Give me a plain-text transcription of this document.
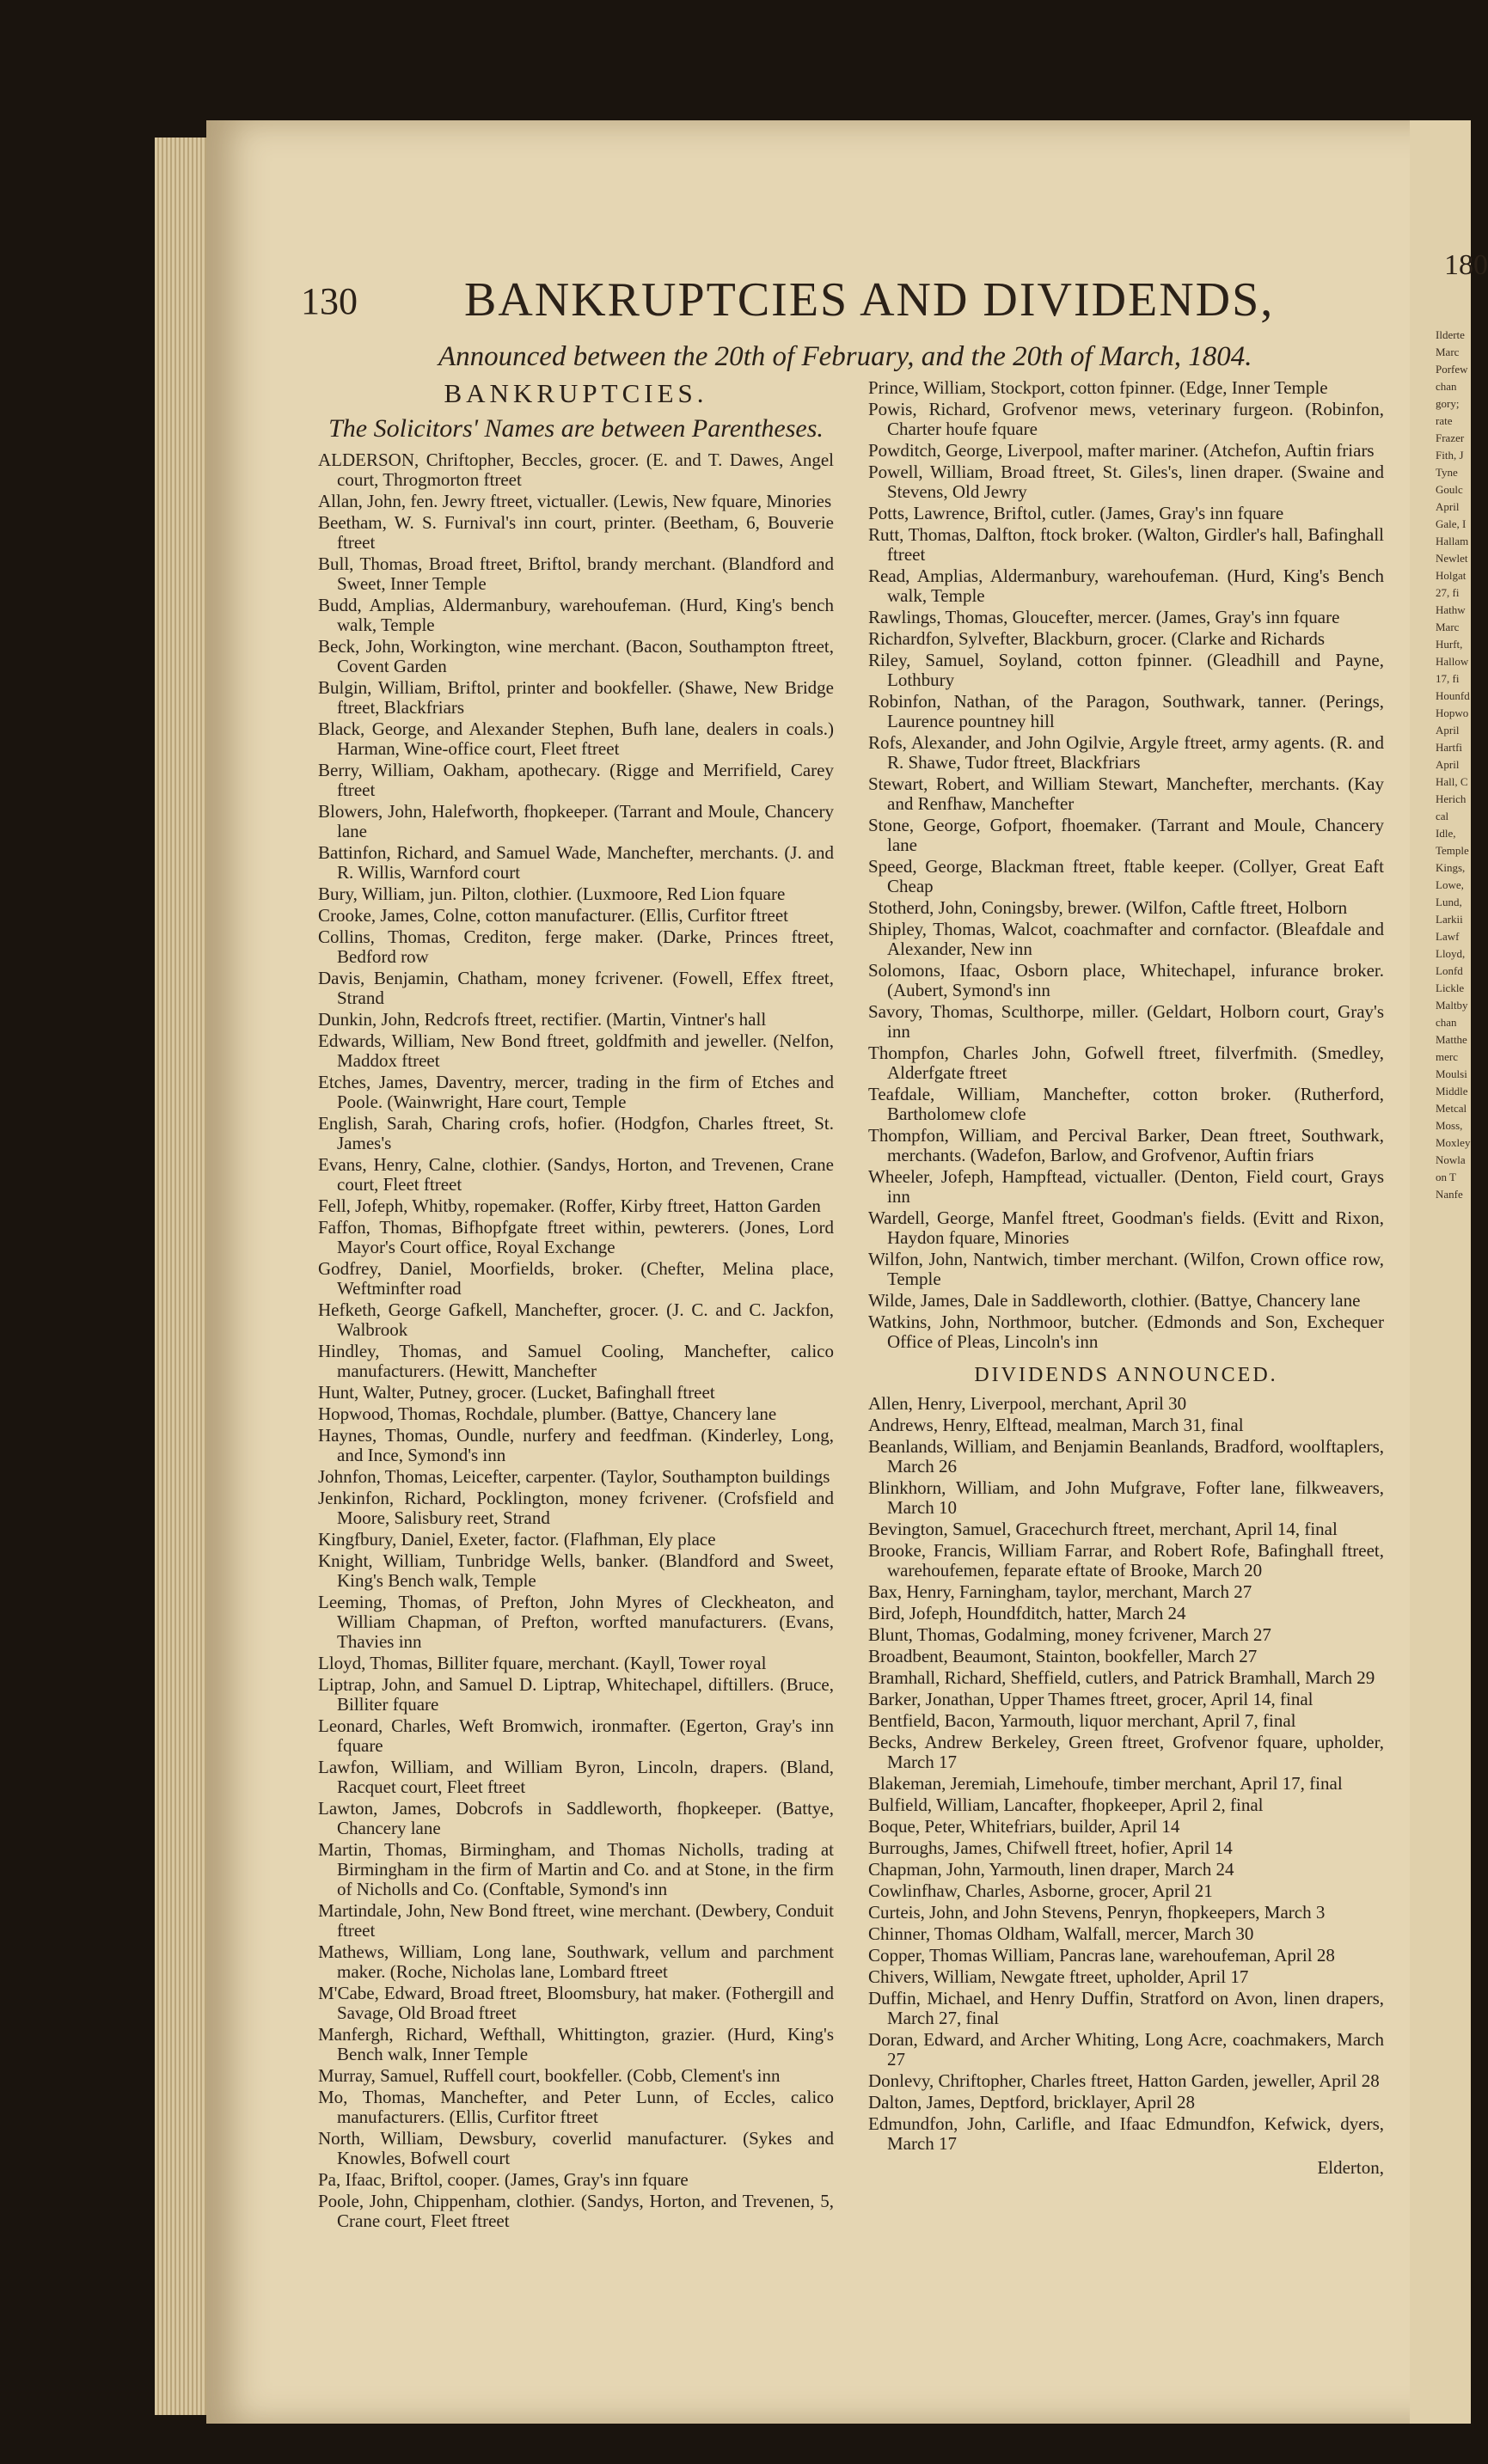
130 BANKRUPTCIES AND DIVIDENDS,
Announced between the 20th of February, and the 20th of March, 1804.
BANKRUPTCIES.

The Solicitors' Names are between Parentheses.

ALDERSON, Chriftopher, Beccles, grocer. (E. and T. Dawes, Angel court, Throgmorton ftreet

Allan, John, fen. Jewry ftreet, victualler. (Lewis, New fquare, Minories

Beetham, W. S. Furnival's inn court, printer. (Beetham, 6, Bouverie ftreet

Bull, Thomas, Broad ftreet, Briftol, brandy merchant. (Blandford and Sweet, Inner Temple

Budd, Amplias, Aldermanbury, warehoufeman. (Hurd, King's bench walk, Temple

Beck, John, Workington, wine merchant. (Bacon, Southampton ftreet, Covent Garden

Bulgin, William, Briftol, printer and bookfeller. (Shawe, New Bridge ftreet, Blackfriars

Black, George, and Alexander Stephen, Bufh lane, dealers in coals.) Harman, Wine-office court, Fleet ftreet

Berry, William, Oakham, apothecary. (Rigge and Merrifield, Carey ftreet

Blowers, John, Halefworth, fhopkeeper. (Tarrant and Moule, Chancery lane

Battinfon, Richard, and Samuel Wade, Manchefter, merchants. (J. and R. Willis, Warnford court

Bury, William, jun. Pilton, clothier. (Luxmoore, Red Lion fquare

Crooke, James, Colne, cotton manufacturer. (Ellis, Curfitor ftreet

Collins, Thomas, Crediton, ferge maker. (Darke, Princes ftreet, Bedford row

Davis, Benjamin, Chatham, money fcrivener. (Fowell, Effex ftreet, Strand

Dunkin, John, Redcrofs ftreet, rectifier. (Martin, Vintner's hall

Edwards, William, New Bond ftreet, goldfmith and jeweller. (Nelfon, Maddox ftreet

Etches, James, Daventry, mercer, trading in the firm of Etches and Poole. (Wainwright, Hare court, Temple

English, Sarah, Charing crofs, hofier. (Hodgfon, Charles ftreet, St. James's

Evans, Henry, Calne, clothier. (Sandys, Horton, and Trevenen, Crane court, Fleet ftreet

Fell, Jofeph, Whitby, ropemaker. (Roffer, Kirby ftreet, Hatton Garden

Faffon, Thomas, Bifhopfgate ftreet within, pewterers. (Jones, Lord Mayor's Court office, Royal Exchange

Godfrey, Daniel, Moorfields, broker. (Chefter, Melina place, Weftminfter road

Hefketh, George Gafkell, Manchefter, grocer. (J. C. and C. Jackfon, Walbrook

Hindley, Thomas, and Samuel Cooling, Manchefter, calico manufacturers. (Hewitt, Manchefter

Hunt, Walter, Putney, grocer. (Lucket, Bafinghall ftreet

Hopwood, Thomas, Rochdale, plumber. (Battye, Chancery lane

Haynes, Thomas, Oundle, nurfery and feedfman. (Kinderley, Long, and Ince, Symond's inn

Johnfon, Thomas, Leicefter, carpenter. (Taylor, Southampton buildings

Jenkinfon, Richard, Pocklington, money fcrivener. (Crofsfield and Moore, Salisbury reet, Strand

Kingfbury, Daniel, Exeter, factor. (Flafhman, Ely place

Knight, William, Tunbridge Wells, banker. (Blandford and Sweet, King's Bench walk, Temple

Leeming, Thomas, of Prefton, John Myres of Cleckheaton, and William Chapman, of Prefton, worfted manufacturers. (Evans, Thavies inn

Lloyd, Thomas, Billiter fquare, merchant. (Kayll, Tower royal

Liptrap, John, and Samuel D. Liptrap, Whitechapel, diftillers. (Bruce, Billiter fquare

Leonard, Charles, Weft Bromwich, ironmafter. (Egerton, Gray's inn fquare

Lawfon, William, and William Byron, Lincoln, drapers. (Bland, Racquet court, Fleet ftreet

Lawton, James, Dobcrofs in Saddleworth, fhopkeeper. (Battye, Chancery lane

Martin, Thomas, Birmingham, and Thomas Nicholls, trading at Birmingham in the firm of Martin and Co. and at Stone, in the firm of Nicholls and Co. (Conftable, Symond's inn

Martindale, John, New Bond ftreet, wine merchant. (Dewbery, Conduit ftreet

Mathews, William, Long lane, Southwark, vellum and parchment maker. (Roche, Nicholas lane, Lombard ftreet

M'Cabe, Edward, Broad ftreet, Bloomsbury, hat maker. (Fothergill and Savage, Old Broad ftreet

Manfergh, Richard, Wefthall, Whittington, grazier. (Hurd, King's Bench walk, Inner Temple

Murray, Samuel, Ruffell court, bookfeller. (Cobb, Clement's inn

Mo, Thomas, Manchefter, and Peter Lunn, of Eccles, calico manufacturers. (Ellis, Curfitor ftreet

North, William, Dewsbury, coverlid manufacturer. (Sykes and Knowles, Bofwell court

Pa, Ifaac, Briftol, cooper. (James, Gray's inn fquare

Poole, John, Chippenham, clothier. (Sandys, Horton, and Trevenen, 5, Crane court, Fleet ftreet

Prince, William, Stockport, cotton fpinner. (Edge, Inner Temple

Powis, Richard, Grofvenor mews, veterinary furgeon. (Robinfon, Charter houfe fquare

Powditch, George, Liverpool, mafter mariner. (Atchefon, Auftin friars

Powell, William, Broad ftreet, St. Giles's, linen draper. (Swaine and Stevens, Old Jewry

Potts, Lawrence, Briftol, cutler. (James, Gray's inn fquare

Rutt, Thomas, Dalfton, ftock broker. (Walton, Girdler's hall, Bafinghall ftreet

Read, Amplias, Aldermanbury, warehoufeman. (Hurd, King's Bench walk, Temple

Rawlings, Thomas, Gloucefter, mercer. (James, Gray's inn fquare

Richardfon, Sylvefter, Blackburn, grocer. (Clarke and Richards

Riley, Samuel, Soyland, cotton fpinner. (Gleadhill and Payne, Lothbury

Robinfon, Nathan, of the Paragon, Southwark, tanner. (Perings, Laurence pountney hill

Rofs, Alexander, and John Ogilvie, Argyle ftreet, army agents. (R. and R. Shawe, Tudor ftreet, Blackfriars

Stewart, Robert, and William Stewart, Manchefter, merchants. (Kay and Renfhaw, Manchefter

Stone, George, Gofport, fhoemaker. (Tarrant and Moule, Chancery lane

Speed, George, Blackman ftreet, ftable keeper. (Collyer, Great Eaft Cheap

Stotherd, John, Coningsby, brewer. (Wilfon, Caftle ftreet, Holborn

Shipley, Thomas, Walcot, coachmafter and cornfactor. (Bleafdale and Alexander, New inn

Solomons, Ifaac, Osborn place, Whitechapel, infurance broker. (Aubert, Symond's inn

Savory, Thomas, Sculthorpe, miller. (Geldart, Holborn court, Gray's inn

Thompfon, Charles John, Gofwell ftreet, filverfmith. (Smedley, Alderfgate ftreet

Teafdale, William, Manchefter, cotton broker. (Rutherford, Bartholomew clofe

Thompfon, William, and Percival Barker, Dean ftreet, Southwark, merchants. (Wadefon, Barlow, and Grofvenor, Auftin friars

Wheeler, Jofeph, Hampftead, victualler. (Denton, Field court, Grays inn

Wardell, George, Manfel ftreet, Goodman's fields. (Evitt and Rixon, Haydon fquare, Minories

Wilfon, John, Nantwich, timber merchant. (Wilfon, Crown office row, Temple

Wilde, James, Dale in Saddleworth, clothier. (Battye, Chancery lane

Watkins, John, Northmoor, butcher. (Edmonds and Son, Exchequer Office of Pleas, Lincoln's inn

DIVIDENDS ANNOUNCED.

Allen, Henry, Liverpool, merchant, April 30

Andrews, Henry, Elftead, mealman, March 31, final

Beanlands, William, and Benjamin Beanlands, Bradford, woolftaplers, March 26

Blinkhorn, William, and John Mufgrave, Fofter lane, filkweavers, March 10

Bevington, Samuel, Gracechurch ftreet, merchant, April 14, final

Brooke, Francis, William Farrar, and Robert Rofe, Bafinghall ftreet, warehoufemen, feparate eftate of Brooke, March 20

Bax, Henry, Farningham, taylor, merchant, March 27

Bird, Jofeph, Houndfditch, hatter, March 24

Blunt, Thomas, Godalming, money fcrivener, March 27

Broadbent, Beaumont, Stainton, bookfeller, March 27

Bramhall, Richard, Sheffield, cutlers, and Patrick Bramhall, March 29

Barker, Jonathan, Upper Thames ftreet, grocer, April 14, final

Bentfield, Bacon, Yarmouth, liquor merchant, April 7, final

Becks, Andrew Berkeley, Green ftreet, Grofvenor fquare, upholder, March 17

Blakeman, Jeremiah, Limehoufe, timber merchant, April 17, final

Bulfield, William, Lancafter, fhopkeeper, April 2, final

Boque, Peter, Whitefriars, builder, April 14

Burroughs, James, Chifwell ftreet, hofier, April 14

Chapman, John, Yarmouth, linen draper, March 24

Cowlinfhaw, Charles, Asborne, grocer, April 21

Curteis, John, and John Stevens, Penryn, fhopkeepers, March 3

Chinner, Thomas Oldham, Walfall, mercer, March 30

Copper, Thomas William, Pancras lane, warehoufeman, April 28

Chivers, William, Newgate ftreet, upholder, April 17

Duffin, Michael, and Henry Duffin, Stratford on Avon, linen drapers, March 27, final

Doran, Edward, and Archer Whiting, Long Acre, coachmakers, March 27

Donlevy, Chriftopher, Charles ftreet, Hatton Garden, jeweller, April 28

Dalton, James, Deptford, bricklayer, April 28

Edmundfon, John, Carlifle, and Ifaac Edmundfon, Kefwick, dyers, March 17

Elderton,
180
Ilderte
Marc
Porfew
chan
gory;
rate
Frazer
Fith, J
Tyne
Goulc
April
Gale, I
Hallam
Newlet
Holgat
27, fi
Hathw
Marc
Hurft,
Hallow
17, fi
Hounfd
Hopwo
April
Hartfi
April
Hall, C
Herich
cal
Idle,
Temple
Kings,
Lowe,
Lund,
Larkii
Lawf
Lloyd,
Lonfd
Lickle
Maltby
chan
Matthe
merc
Moulsi
Middle
Metcal
Moss,
Moxley
Nowla
on T
Nanfe
